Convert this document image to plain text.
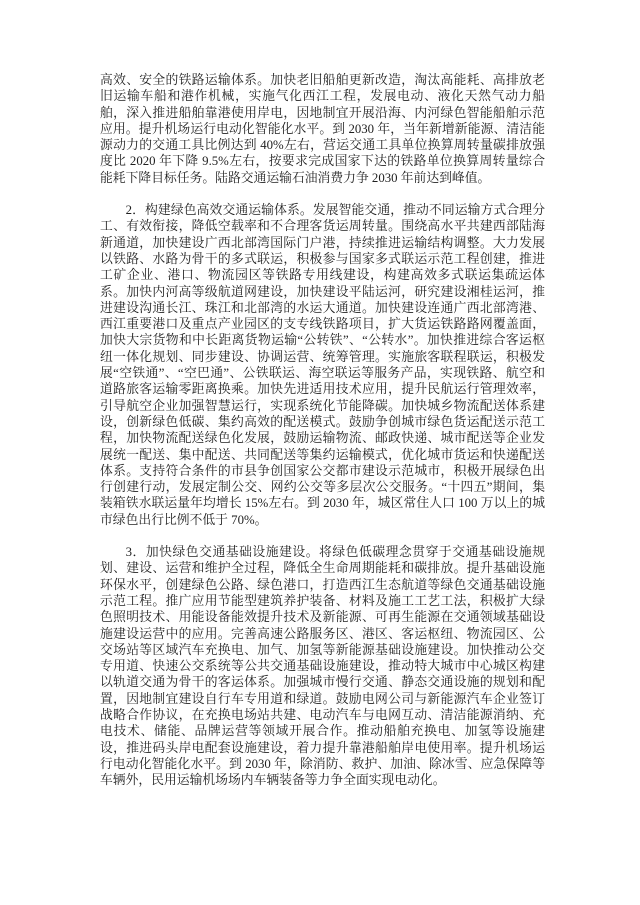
高效、安全的铁路运输体系。加快老旧船舶更新改造，淘汰高能耗、高排放老旧运输车船和港作机械，实施气化西江工程，发展电动、液化天然气动力船舶，深入推进船舶靠港使用岸电，因地制宜开展沿海、内河绿色智能船舶示范应用。提升机场运行电动化智能化水平。到 2030 年，当年新增新能源、清洁能源动力的交通工具比例达到 40%左右，营运交通工具单位换算周转量碳排放强度比 2020 年下降 9.5%左右，按要求完成国家下达的铁路单位换算周转量综合能耗下降目标任务。陆路交通运输石油消费力争 2030 年前达到峰值。

2．构建绿色高效交通运输体系。发展智能交通，推动不同运输方式合理分工、有效衔接，降低空载率和不合理客货运周转量。围绕高水平共建西部陆海新通道，加快建设广西北部湾国际门户港，持续推进运输结构调整。大力发展以铁路、水路为骨干的多式联运，积极参与国家多式联运示范工程创建，推进工矿企业、港口、物流园区等铁路专用线建设，构建高效多式联运集疏运体系。加快内河高等级航道网建设，加快建设平陆运河，研究建设湘桂运河，推进建设沟通长江、珠江和北部湾的水运大通道。加快建设连通广西北部湾港、西江重要港口及重点产业园区的支专线铁路项目，扩大货运铁路路网覆盖面，加快大宗货物和中长距离货物运输“公转铁”、“公转水”。加快推进综合客运枢纽一体化规划、同步建设、协调运营、统筹管理。实施旅客联程联运，积极发展“空铁通”、“空巴通”、公铁联运、海空联运等服务产品，实现铁路、航空和道路旅客运输零距离换乘。加快先进适用技术应用，提升民航运行管理效率，引导航空企业加强智慧运行，实现系统化节能降碳。加快城乡物流配送体系建设，创新绿色低碳、集约高效的配送模式。鼓励争创城市绿色货运配送示范工程，加快物流配送绿色化发展，鼓励运输物流、邮政快递、城市配送等企业发展统一配送、集中配送、共同配送等集约运输模式，优化城市货运和快递配送体系。支持符合条件的市县争创国家公交都市建设示范城市，积极开展绿色出行创建行动，发展定制公交、网约公交等多层次公交服务。“十四五”期间，集装箱铁水联运量年均增长 15%左右。到 2030 年，城区常住人口 100 万以上的城市绿色出行比例不低于 70%。

3．加快绿色交通基础设施建设。将绿色低碳理念贯穿于交通基础设施规划、建设、运营和维护全过程，降低全生命周期能耗和碳排放。提升基础设施环保水平，创建绿色公路、绿色港口，打造西江生态航道等绿色交通基础设施示范工程。推广应用节能型建筑养护装备、材料及施工工艺工法，积极扩大绿色照明技术、用能设备能效提升技术及新能源、可再生能源在交通领域基础设施建设运营中的应用。完善高速公路服务区、港区、客运枢纽、物流园区、公交场站等区域汽车充换电、加气、加氢等新能源基础设施建设。加快推动公交专用道、快速公交系统等公共交通基础设施建设，推动特大城市中心城区构建以轨道交通为骨干的客运体系。加强城市慢行交通、静态交通设施的规划和配置，因地制宜建设自行车专用道和绿道。鼓励电网公司与新能源汽车企业签订战略合作协议，在充换电场站共建、电动汽车与电网互动、清洁能源消纳、充电技术、储能、品牌运营等领域开展合作。推动船舶充换电、加氢等设施建设，推进码头岸电配套设施建设，着力提升靠港船舶岸电使用率。提升机场运行电动化智能化水平。到 2030 年，除消防、救护、加油、除冰雪、应急保障等车辆外，民用运输机场场内车辆装备等力争全面实现电动化。
